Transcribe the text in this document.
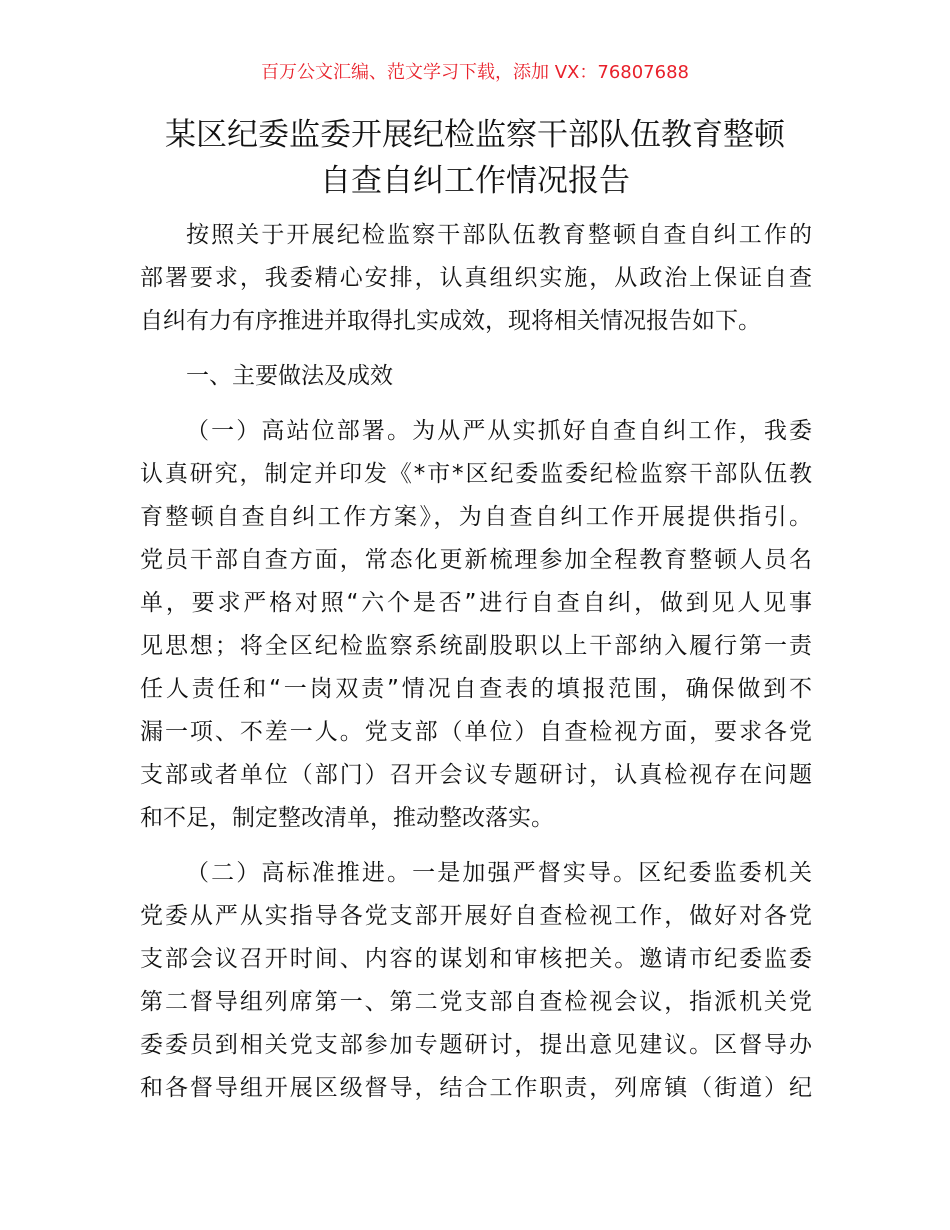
百万公文汇编、范文学习下载，添加 VX：76807688
某区纪委监委开展纪检监察干部队伍教育整顿
自查自纠工作情况报告
按照关于开展纪检监察干部队伍教育整顿自查自纠工作的
部署要求，我委精心安排，认真组织实施，从政治上保证自查
自纠有力有序推进并取得扎实成效，现将相关情况报告如下。
一、主要做法及成效
（一）高站位部署。为从严从实抓好自查自纠工作，我委
认真研究，制定并印发《*市*区纪委监委纪检监察干部队伍教
育整顿自查自纠工作方案》，为自查自纠工作开展提供指引。
党员干部自查方面，常态化更新梳理参加全程教育整顿人员名
单，要求严格对照“六个是否”进行自查自纠，做到见人见事
见思想；将全区纪检监察系统副股职以上干部纳入履行第一责
任人责任和“一岗双责”情况自查表的填报范围，确保做到不
漏一项、不差一人。党支部（单位）自查检视方面，要求各党
支部或者单位（部门）召开会议专题研讨，认真检视存在问题
和不足，制定整改清单，推动整改落实。
（二）高标准推进。一是加强严督实导。区纪委监委机关
党委从严从实指导各党支部开展好自查检视工作，做好对各党
支部会议召开时间、内容的谋划和审核把关。邀请市纪委监委
第二督导组列席第一、第二党支部自查检视会议，指派机关党
委委员到相关党支部参加专题研讨，提出意见建议。区督导办
和各督导组开展区级督导，结合工作职责，列席镇（街道）纪
